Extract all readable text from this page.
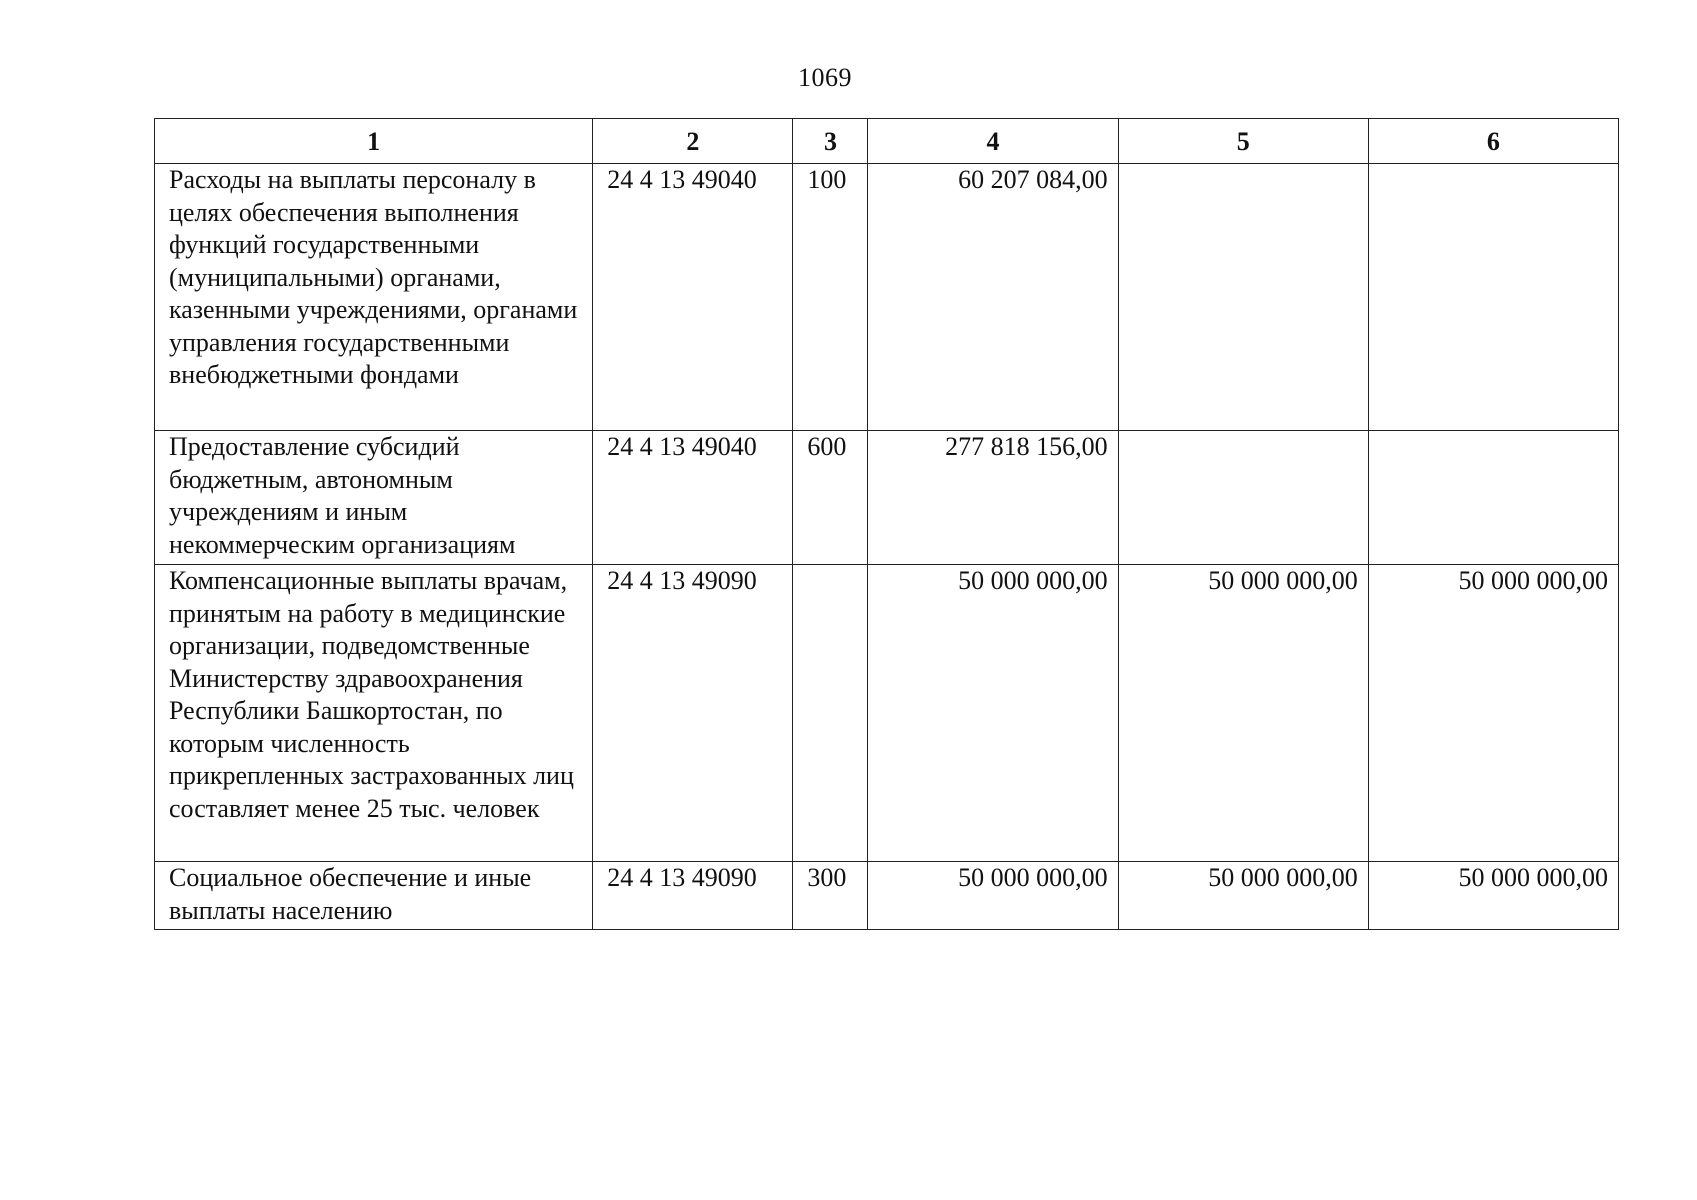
1069
1	2	3	4	5	6
Расходы на выплаты персоналу в целях обеспечения выполнения функций государственными (муниципальными) органами, казенными учреждениями, органами управления государственными внебюджетными фондами	24 4 13 49040	100	60 207 084,00		
Предоставление субсидий бюджетным, автономным учреждениям и иным некоммерческим организациям	24 4 13 49040	600	277 818 156,00		
Компенсационные выплаты врачам, принятым на работу в медицинские организации, подведомственные Министерству здравоохранения Республики Башкортостан, по которым численность прикрепленных застрахованных лиц составляет менее 25 тыс. человек	24 4 13 49090		50 000 000,00	50 000 000,00	50 000 000,00
Социальное обеспечение и иные выплаты населению	24 4 13 49090	300	50 000 000,00	50 000 000,00	50 000 000,00
